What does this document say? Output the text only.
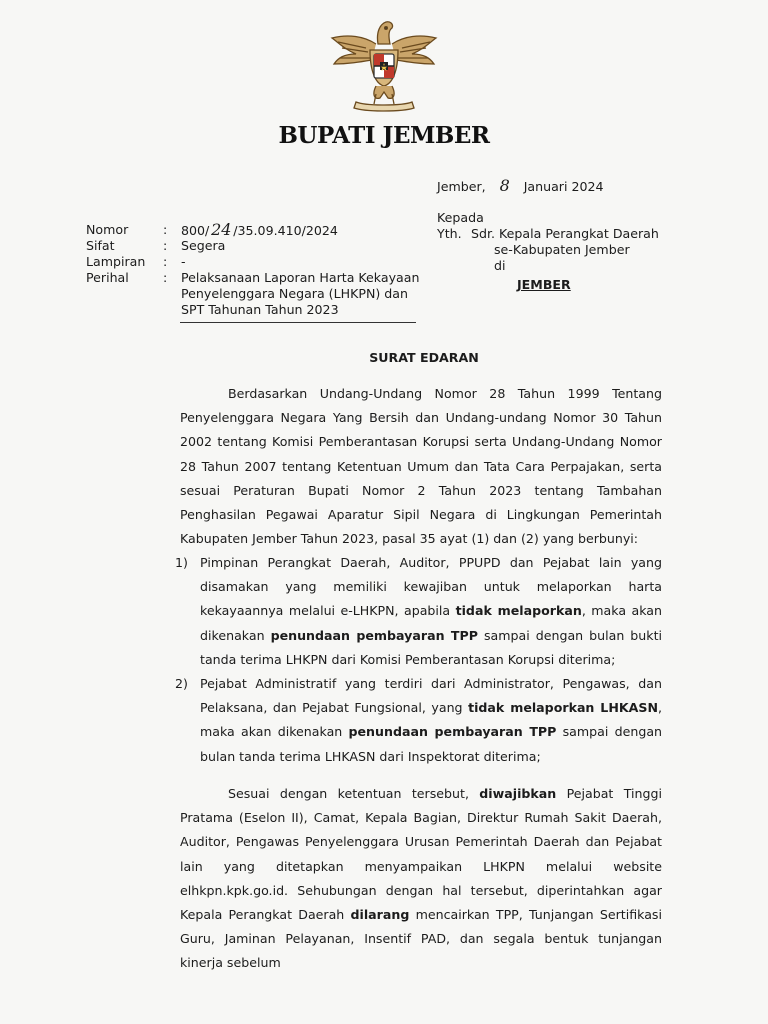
BUPATI JEMBER
Jember, 8 Januari 2024
Kepada
Yth. Sdr. Kepala Perangkat Daerah
se-Kabupaten Jember
di
JEMBER
Nomor	:	800/ 24 /35.09.410/2024
Sifat	:	Segera
Lampiran	:	-
Perihal	:	Pelaksanaan Laporan Harta Kekayaan
Penyelenggara Negara (LHKPN) dan
SPT Tahunan Tahun 2023
SURAT EDARAN

Berdasarkan Undang-Undang Nomor 28 Tahun 1999 Tentang Penyelenggara Negara Yang Bersih dan Undang-undang Nomor 30 Tahun 2002 tentang Komisi Pemberantasan Korupsi serta Undang-Undang Nomor 28 Tahun 2007 tentang Ketentuan Umum dan Tata Cara Perpajakan, serta sesuai Peraturan Bupati Nomor 2 Tahun 2023 tentang Tambahan Penghasilan Pegawai Aparatur Sipil Negara di Lingkungan Pemerintah Kabupaten Jember Tahun 2023, pasal 35 ayat (1) dan (2) yang berbunyi:

1) Pimpinan Perangkat Daerah, Auditor, PPUPD dan Pejabat lain yang disamakan yang memiliki kewajiban untuk melaporkan harta kekayaannya melalui e-LHKPN, apabila tidak melaporkan, maka akan dikenakan penundaan pembayaran TPP sampai dengan bulan bukti tanda terima LHKPN dari Komisi Pemberantasan Korupsi diterima;
2) Pejabat Administratif yang terdiri dari Administrator, Pengawas, dan Pelaksana, dan Pejabat Fungsional, yang tidak melaporkan LHKASN, maka akan dikenakan penundaan pembayaran TPP sampai dengan bulan tanda terima LHKASN dari Inspektorat diterima;

Sesuai dengan ketentuan tersebut, diwajibkan Pejabat Tinggi Pratama (Eselon II), Camat, Kepala Bagian, Direktur Rumah Sakit Daerah, Auditor, Pengawas Penyelenggara Urusan Pemerintah Daerah dan Pejabat lain yang ditetapkan menyampaikan LHKPN melalui website elhkpn.kpk.go.id. Sehubungan dengan hal tersebut, diperintahkan agar Kepala Perangkat Daerah dilarang mencairkan TPP, Tunjangan Sertifikasi Guru, Jaminan Pelayanan, Insentif PAD, dan segala bentuk tunjangan kinerja sebelum
